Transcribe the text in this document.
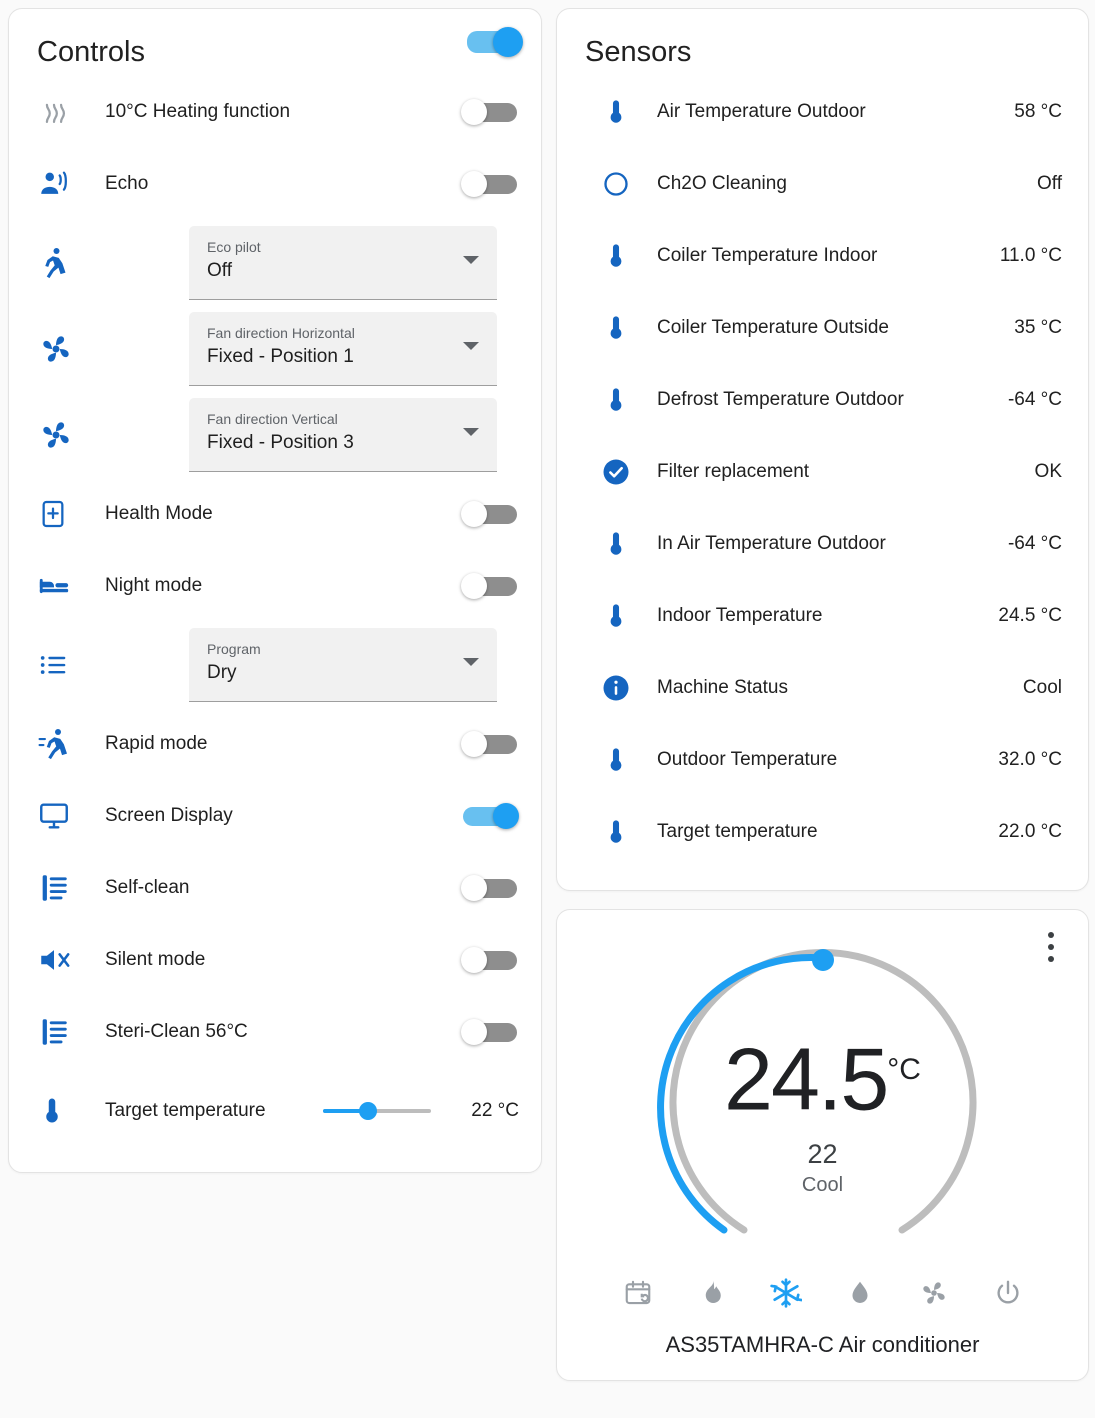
Controls
10°C Heating function
Echo
Eco pilot
Off
Fan direction Horizontal
Fixed - Position 1
Fan direction Vertical
Fixed - Position 3
Health Mode
Night mode
Program
Dry
Rapid mode
Screen Display
Self-clean
Silent mode
Steri-Clean 56°C
Target temperature	22 °C
Sensors
Air Temperature Outdoor	58 °C
Ch2O Cleaning	Off
Coiler Temperature Indoor	11.0 °C
Coiler Temperature Outside	35 °C
Defrost Temperature Outdoor	-64 °C
Filter replacement	OK
In Air Temperature Outdoor	-64 °C
Indoor Temperature	24.5 °C
Machine Status	Cool
Outdoor Temperature	32.0 °C
Target temperature	22.0 °C
$24.5^{^\circ C}$
22
Cool
AS35TAMHRA-C Air conditioner
